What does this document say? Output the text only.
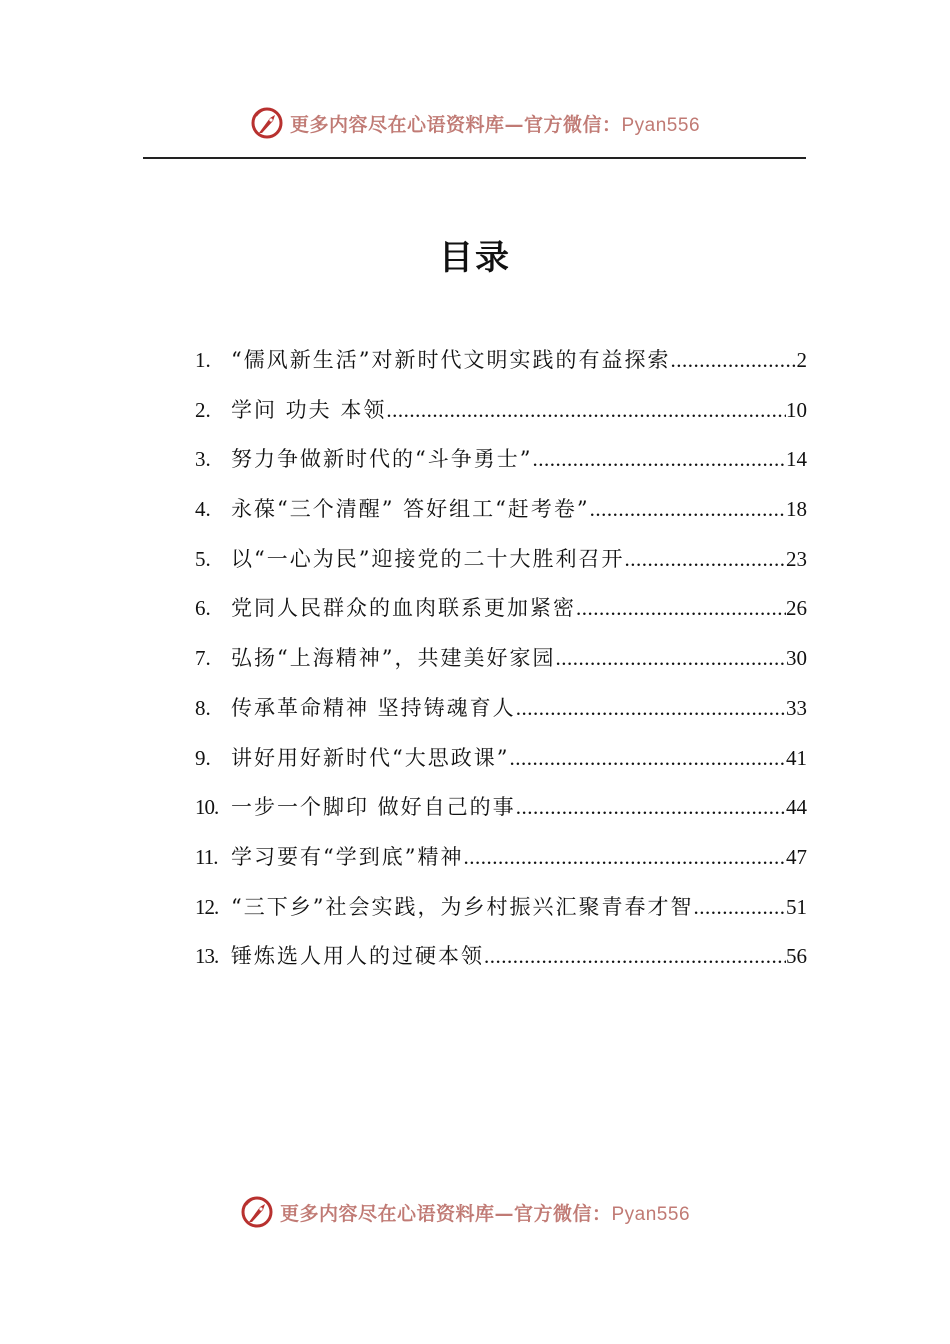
更多内容尽在心语资料库—官方微信：Pyan556
目录
1. “儒风新生活”对新时代文明实践的有益探索 .....	2
2. 学问 功夫 本领 .....	10
3. 努力争做新时代的“斗争勇士” .....	14
4. 永葆“三个清醒” 答好组工“赶考卷” .....	18
5. 以“一心为民”迎接党的二十大胜利召开 .....	23
6. 党同人民群众的血肉联系更加紧密 .....	26
7. 弘扬“上海精神”，共建美好家园 .....	30
8. 传承革命精神 坚持铸魂育人 .....	33
9. 讲好用好新时代“大思政课” .....	41
10. 一步一个脚印 做好自己的事 .....	44
11. 学习要有“学到底”精神 .....	47
12. “三下乡”社会实践，为乡村振兴汇聚青春才智 .....	51
13. 锤炼选人用人的过硬本领 .....	56
更多内容尽在心语资料库—官方微信：Pyan556
